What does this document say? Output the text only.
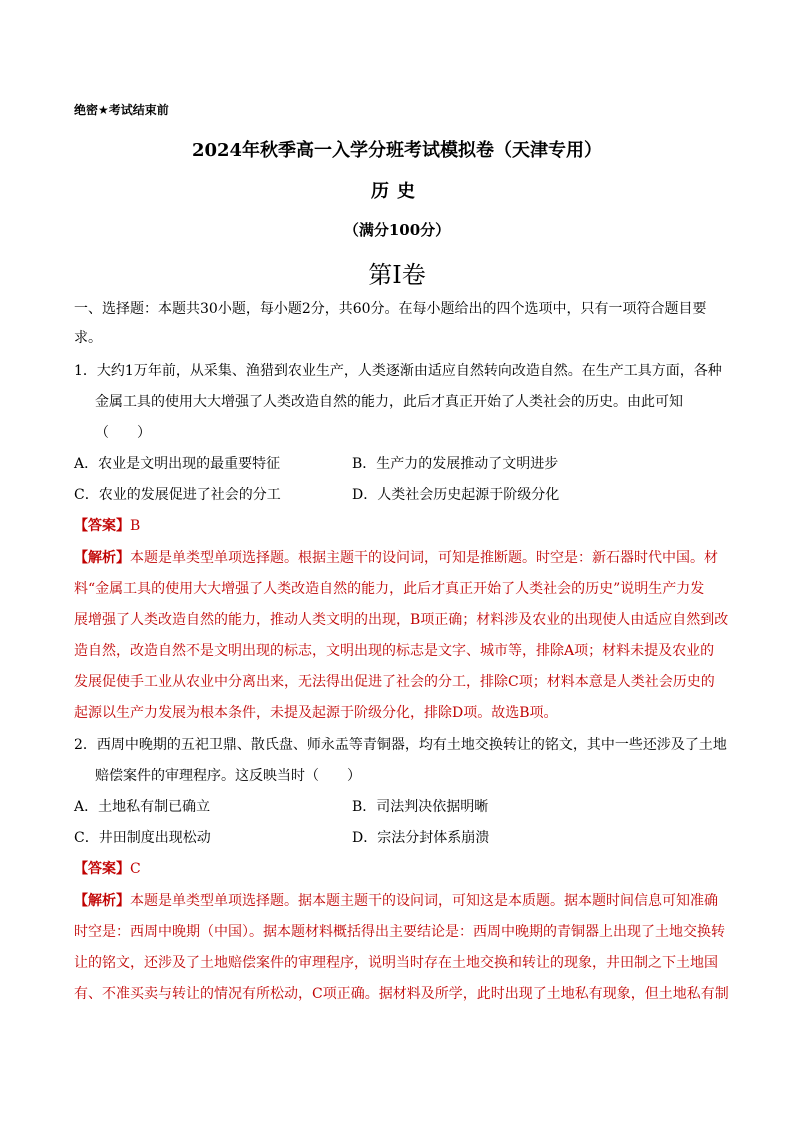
绝密★考试结束前
2024年秋季高一入学分班考试模拟卷（天津专用）
历史
（满分100分）
第Ⅰ卷
一、选择题：本题共30小题，每小题2分，共60分。在每小题给出的四个选项中，只有一项符合题目要
求。
1．大约1万年前，从采集、渔猎到农业生产，人类逐渐由适应自然转向改造自然。在生产工具方面，各种
金属工具的使用大大增强了人类改造自然的能力，此后才真正开始了人类社会的历史。由此可知
（　　）
A．农业是文明出现的最重要特征	B．生产力的发展推动了文明进步
C．农业的发展促进了社会的分工	D．人类社会历史起源于阶级分化
【答案】B
【解析】本题是单类型单项选择题。根据主题干的设问词，可知是推断题。时空是：新石器时代中国。材
料“金属工具的使用大大增强了人类改造自然的能力，此后才真正开始了人类社会的历史”说明生产力发
展增强了人类改造自然的能力，推动人类文明的出现，B项正确；材料涉及农业的出现使人由适应自然到改
造自然，改造自然不是文明出现的标志，文明出现的标志是文字、城市等，排除A项；材料未提及农业的
发展促使手工业从农业中分离出来，无法得出促进了社会的分工，排除C项；材料本意是人类社会历史的
起源以生产力发展为根本条件，未提及起源于阶级分化，排除D项。故选B项。
2．西周中晚期的五祀卫鼎、散氏盘、师永盂等青铜器，均有土地交换转让的铭文，其中一些还涉及了土地
赔偿案件的审理程序。这反映当时（　　）
A．土地私有制已确立	B．司法判决依据明晰
C．井田制度出现松动	D．宗法分封体系崩溃
【答案】C
【解析】本题是单类型单项选择题。据本题主题干的设问词，可知这是本质题。据本题时间信息可知准确
时空是：西周中晚期（中国）。据本题材料概括得出主要结论是：西周中晚期的青铜器上出现了土地交换转
让的铭文，还涉及了土地赔偿案件的审理程序，说明当时存在土地交换和转让的现象，井田制之下土地国
有、不准买卖与转让的情况有所松动，C项正确。据材料及所学，此时出现了土地私有现象，但土地私有制
